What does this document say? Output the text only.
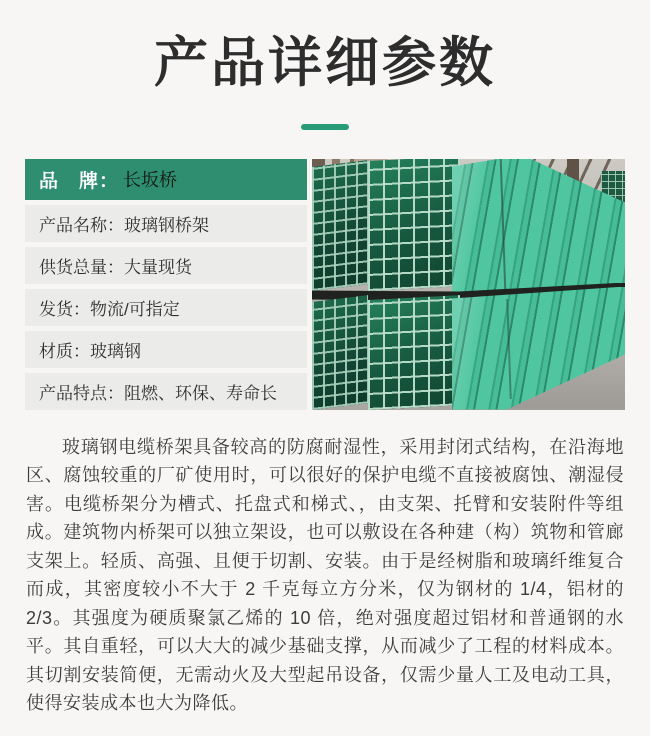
产品详细参数
品　牌： 长坂桥
产品名称： 玻璃钢桥架
供货总量： 大量现货
发货： 物流/可指定
材质： 玻璃钢
产品特点： 阻燃、环保、寿命长

玻璃钢电缆桥架具备较高的防腐耐湿性，采用封闭式结构，在沿海地区、腐蚀较重的厂矿使用时，可以很好的保护电缆不直接被腐蚀、潮湿侵害。电缆桥架分为槽式、托盘式和梯式、，由支架、托臂和安装附件等组成。建筑物内桥架可以独立架设，也可以敷设在各种建（构）筑物和管廊支架上。轻质、高强、且便于切割、安装。由于是经树脂和玻璃纤维复合而成，其密度较小不大于 2 千克每立方分米，仅为钢材的 1/4，铝材的 2/3。其强度为硬质聚氯乙烯的 10 倍，绝对强度超过铝材和普通钢的水平。其自重轻，可以大大的减少基础支撑，从而减少了工程的材料成本。其切割安装简便，无需动火及大型起吊设备，仅需少量人工及电动工具，使得安装成本也大为降低。
